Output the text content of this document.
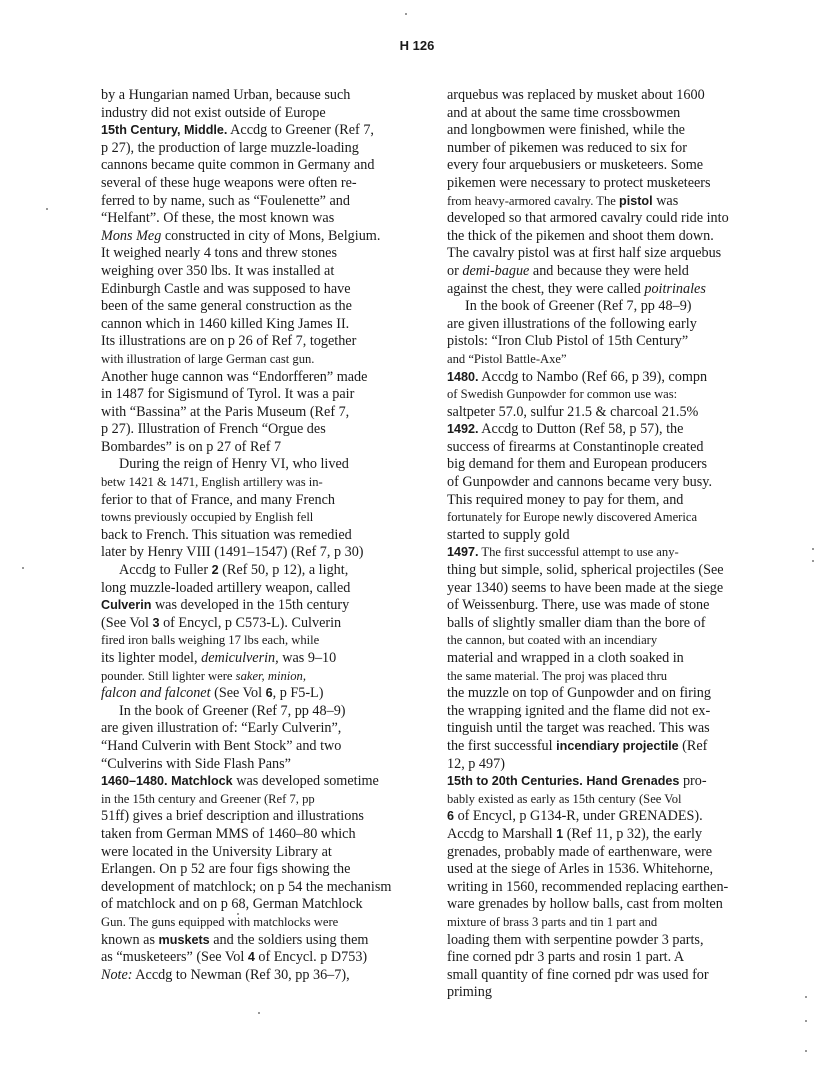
H 126
by a Hungarian named Urban, because such
industry did not exist outside of Europe
15th Century, Middle. Accdg to Greener (Ref 7,
p 27), the production of large muzzle-loading
cannons became quite common in Germany and
several of these huge weapons were often re-
ferred to by name, such as “Foulenette” and
“Helfant”. Of these, the most known was
Mons Meg constructed in city of Mons, Belgium.
It weighed nearly 4 tons and threw stones
weighing over 350 lbs. It was installed at
Edinburgh Castle and was supposed to have
been of the same general construction as the
cannon which in 1460 killed King James II.
Its illustrations are on p 26 of Ref 7, together
with illustration of large German cast gun.
Another huge cannon was “Endorfferen” made
in 1487 for Sigismund of Tyrol. It was a pair
with “Bassina” at the Paris Museum (Ref 7,
p 27). Illustration of French “Orgue des
Bombardes” is on p 27 of Ref 7
During the reign of Henry VI, who lived
betw 1421 & 1471, English artillery was in-
ferior to that of France, and many French
towns previously occupied by English fell
back to French. This situation was remedied
later by Henry VIII (1491–1547) (Ref 7, p 30)
Accdg to Fuller 2 (Ref 50, p 12), a light,
long muzzle-loaded artillery weapon, called
Culverin was developed in the 15th century
(See Vol 3 of Encycl, p C573-L). Culverin
fired iron balls weighing 17 lbs each, while
its lighter model, demiculverin, was 9–10
pounder. Still lighter were saker, minion,
falcon and falconet (See Vol 6, p F5-L)
In the book of Greener (Ref 7, pp 48–9)
are given illustration of: “Early Culverin”,
“Hand Culverin with Bent Stock” and two
“Culverins with Side Flash Pans”
1460–1480. Matchlock was developed sometime
in the 15th century and Greener (Ref 7, pp
51ff) gives a brief description and illustrations
taken from German MMS of 1460–80 which
were located in the University Library at
Erlangen. On p 52 are four figs showing the
development of matchlock; on p 54 the mechanism
of matchlock and on p 68, German Matchlock
Gun. The guns equipped with matchlocks were
known as muskets and the soldiers using them
as “musketeers” (See Vol 4 of Encycl. p D753)
Note: Accdg to Newman (Ref 30, pp 36–7),
arquebus was replaced by musket about 1600
and at about the same time crossbowmen
and longbowmen were finished, while the
number of pikemen was reduced to six for
every four arquebusiers or musketeers. Some
pikemen were necessary to protect musketeers
from heavy-armored cavalry. The pistol was
developed so that armored cavalry could ride into
the thick of the pikemen and shoot them down.
The cavalry pistol was at first half size arquebus
or demi-bague and because they were held
against the chest, they were called poitrinales
In the book of Greener (Ref 7, pp 48–9)
are given illustrations of the following early
pistols: “Iron Club Pistol of 15th Century”
and “Pistol Battle-Axe”
1480. Accdg to Nambo (Ref 66, p 39), compn
of Swedish Gunpowder for common use was:
saltpeter 57.0, sulfur 21.5 & charcoal 21.5%
1492. Accdg to Dutton (Ref 58, p 57), the
success of firearms at Constantinople created
big demand for them and European producers
of Gunpowder and cannons became very busy.
This required money to pay for them, and
fortunately for Europe newly discovered America
started to supply gold
1497. The first successful attempt to use any-
thing but simple, solid, spherical projectiles (See
year 1340) seems to have been made at the siege
of Weissenburg. There, use was made of stone
balls of slightly smaller diam than the bore of
the cannon, but coated with an incendiary
material and wrapped in a cloth soaked in
the same material. The proj was placed thru
the muzzle on top of Gunpowder and on firing
the wrapping ignited and the flame did not ex-
tinguish until the target was reached. This was
the first successful incendiary projectile (Ref
12, p 497)
15th to 20th Centuries. Hand Grenades pro-
bably existed as early as 15th century (See Vol
6 of Encycl, p G134-R, under GRENADES).
Accdg to Marshall 1 (Ref 11, p 32), the early
grenades, probably made of earthenware, were
used at the siege of Arles in 1536. Whitehorne,
writing in 1560, recommended replacing earthen-
ware grenades by hollow balls, cast from molten
mixture of brass 3 parts and tin 1 part and
loading them with serpentine powder 3 parts,
fine corned pdr 3 parts and rosin 1 part. A
small quantity of fine corned pdr was used for
priming
